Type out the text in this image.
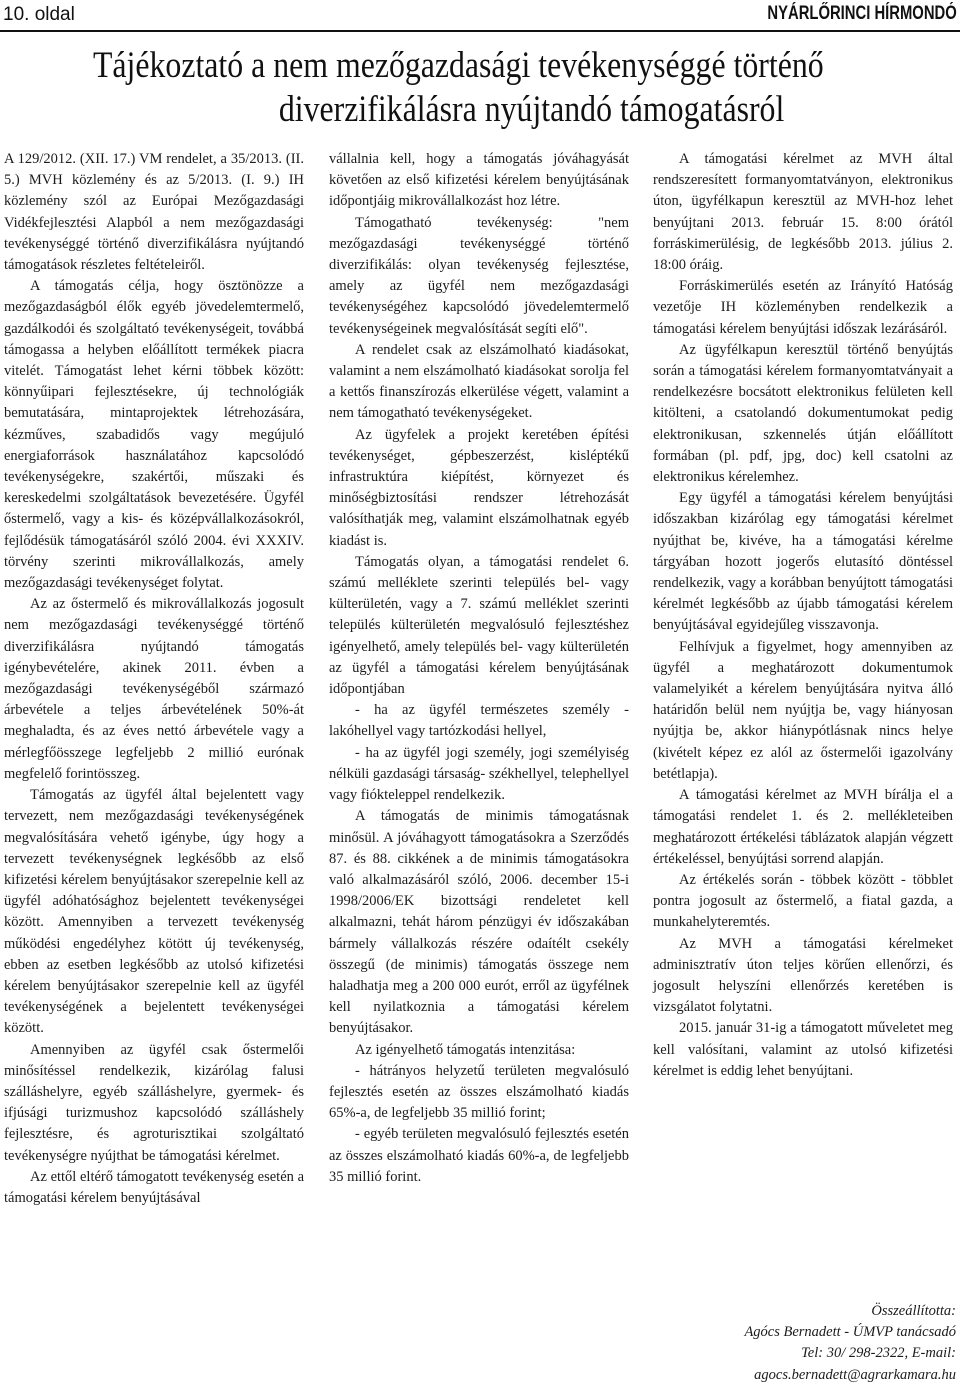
10. oldal	NYÁRLŐRINCI HÍRMONDÓ
Tájékoztató a nem mezőgazdasági tevékenységgé történő
diverzifikálásra nyújtandó támogatásról

A 129/2012. (XII. 17.) VM rendelet, a 35/2013. (II. 5.) MVH közlemény és az 5/2013. (I. 9.) IH közlemény szól az Európai Mezőgazdasági Vidékfejlesztési Alapból a nem mezőgazdasági tevékenységgé történő diverzifikálásra nyújtandó támogatások részletes feltételeiről.

A támogatás célja, hogy ösztönözze a mezőgazdaságból élők egyéb jövedelemtermelő, gazdálkodói és szolgáltató tevékenységeit, továbbá támogassa a helyben előállított termékek piacra vitelét. Támogatást lehet kérni többek között: könnyűipari fejlesztésekre, új technológiák bemutatására, mintaprojektek létrehozására, kézműves, szabadidős vagy megújuló energiaforrások használatához kapcsolódó tevékenységekre, szakértői, műszaki és kereskedelmi szolgáltatások bevezetésére. Ügyfél őstermelő, vagy a kis- és középvállalkozásokról, fejlődésük támogatásáról szóló 2004. évi XXXIV. törvény szerinti mikrovállalkozás, amely mezőgazdasági tevékenységet folytat.

Az az őstermelő és mikrovállalkozás jogosult nem mezőgazdasági tevékenységgé történő diverzifikálásra nyújtandó támogatás igénybevételére, akinek 2011. évben a mezőgazdasági tevékenységéből származó árbevétele a teljes árbevételének 50%-át meghaladta, és az éves nettó árbevétele vagy a mérlegfőösszege legfeljebb 2 millió eurónak megfelelő forintösszeg.

Támogatás az ügyfél által bejelentett vagy tervezett, nem mezőgazdasági tevékenységének megvalósítására vehető igénybe, úgy hogy a tervezett tevékenységnek legkésőbb az első kifizetési kérelem benyújtásakor szerepelnie kell az ügyfél adóhatósághoz bejelentett tevékenységei között. Amennyiben a tervezett tevékenység működési engedélyhez kötött új tevékenység, ebben az esetben legkésőbb az utolsó kifizetési kérelem benyújtásakor szerepelnie kell az ügyfél tevékenységének a bejelentett tevékenységei között.

Amennyiben az ügyfél csak őstermelői minősítéssel rendelkezik, kizárólag falusi szálláshelyre, egyéb szálláshelyre, gyermek- és ifjúsági turizmushoz kapcsolódó szálláshely fejlesztésre, és agroturisztikai szolgáltató tevékenységre nyújthat be támogatási kérelmet.

Az ettől eltérő támogatott tevékenység esetén a támogatási kérelem benyújtásával

vállalnia kell, hogy a támogatás jóváhagyását követően az első kifizetési kérelem benyújtásának időpontjáig mikrovállalkozást hoz létre.

Támogatható tevékenység: "nem mezőgazdasági tevékenységgé történő diverzifikálás: olyan tevékenység fejlesztése, amely az ügyfél nem mezőgazdasági tevékenységéhez kapcsolódó jövedelemtermelő tevékenységeinek megvalósítását segíti elő".

A rendelet csak az elszámolható kiadásokat, valamint a nem elszámolható kiadásokat sorolja fel a kettős finanszírozás elkerülése végett, valamint a nem támogatható tevékenységeket.

Az ügyfelek a projekt keretében építési tevékenységet, gépbeszerzést, kisléptékű infrastruktúra kiépítést, környezet és minőségbiztosítási rendszer létrehozását valósíthatják meg, valamint elszámolhatnak egyéb kiadást is.

Támogatás olyan, a támogatási rendelet 6. számú melléklete szerinti település bel- vagy külterületén, vagy a 7. számú melléklet szerinti település külterületén megvalósuló fejlesztéshez igényelhető, amely település bel- vagy külterületén az ügyfél a támogatási kérelem benyújtásának időpontjában

- ha az ügyfél természetes személy - lakóhellyel vagy tartózkodási hellyel,

- ha az ügyfél jogi személy, jogi személyiség nélküli gazdasági társaság- székhellyel, telephellyel vagy fiókteleppel rendelkezik.

A támogatás de minimis támogatásnak minősül. A jóváhagyott támogatásokra a Szerződés 87. és 88. cikkének a de minimis támogatásokra való alkalmazásáról szóló, 2006. december 15-i 1998/2006/EK bizottsági rendeletet kell alkalmazni, tehát három pénzügyi év időszakában bármely vállalkozás részére odaítélt csekély összegű (de minimis) támogatás összege nem haladhatja meg a 200 000 eurót, erről az ügyfélnek kell nyilatkoznia a támogatási kérelem benyújtásakor.

Az igényelhető támogatás intenzitása:

- hátrányos helyzetű területen megvalósuló fejlesztés esetén az összes elszámolható kiadás 65%-a, de legfeljebb 35 millió forint;

- egyéb területen megvalósuló fejlesztés esetén az összes elszámolható kiadás 60%-a, de legfeljebb 35 millió forint.

A támogatási kérelmet az MVH által rendszeresített formanyomtatványon, elektronikus úton, ügyfélkapun keresztül az MVH-hoz lehet benyújtani 2013. február 15. 8:00 órától forráskimerülésig, de legkésőbb 2013. július 2. 18:00 óráig.

Forráskimerülés esetén az Irányító Hatóság vezetője IH közleményben rendelkezik a támogatási kérelem benyújtási időszak lezárásáról.

Az ügyfélkapun keresztül történő benyújtás során a támogatási kérelem formanyomtatványait a rendelkezésre bocsátott elektronikus felületen kell kitölteni, a csatolandó dokumentumokat pedig elektronikusan, szkennelés útján előállított formában (pl. pdf, jpg, doc) kell csatolni az elektronikus kérelemhez.

Egy ügyfél a támogatási kérelem benyújtási időszakban kizárólag egy támogatási kérelmet nyújthat be, kivéve, ha a támogatási kérelme tárgyában hozott jogerős elutasító döntéssel rendelkezik, vagy a korábban benyújtott támogatási kérelmét legkésőbb az újabb támogatási kérelem benyújtásával egyidejűleg visszavonja.

Felhívjuk a figyelmet, hogy amennyiben az ügyfél a meghatározott dokumentumok valamelyikét a kérelem benyújtására nyitva álló határidőn belül nem nyújtja be, vagy hiányosan nyújtja be, akkor hiánypótlásnak nincs helye (kivételt képez ez alól az őstermelői igazolvány betétlapja).

A támogatási kérelmet az MVH bírálja el a támogatási rendelet 1. és 2. mellékleteiben meghatározott értékelési táblázatok alapján végzett értékeléssel, benyújtási sorrend alapján.

Az értékelés során - többek között - többlet pontra jogosult az őstermelő, a fiatal gazda, a munkahelyteremtés.

Az MVH a támogatási kérelmeket adminisztratív úton teljes körűen ellenőrzi, és jogosult helyszíni ellenőrzés keretében is vizsgálatot folytatni.

2015. január 31-ig a támogatott műveletet meg kell valósítani, valamint az utolsó kifizetési kérelmet is eddig lehet benyújtani.

Összeállította:
Agócs Bernadett - ÚMVP tanácsadó
Tel: 30/ 298-2322, E-mail:
agocs.bernadett@agrarkamara.hu
